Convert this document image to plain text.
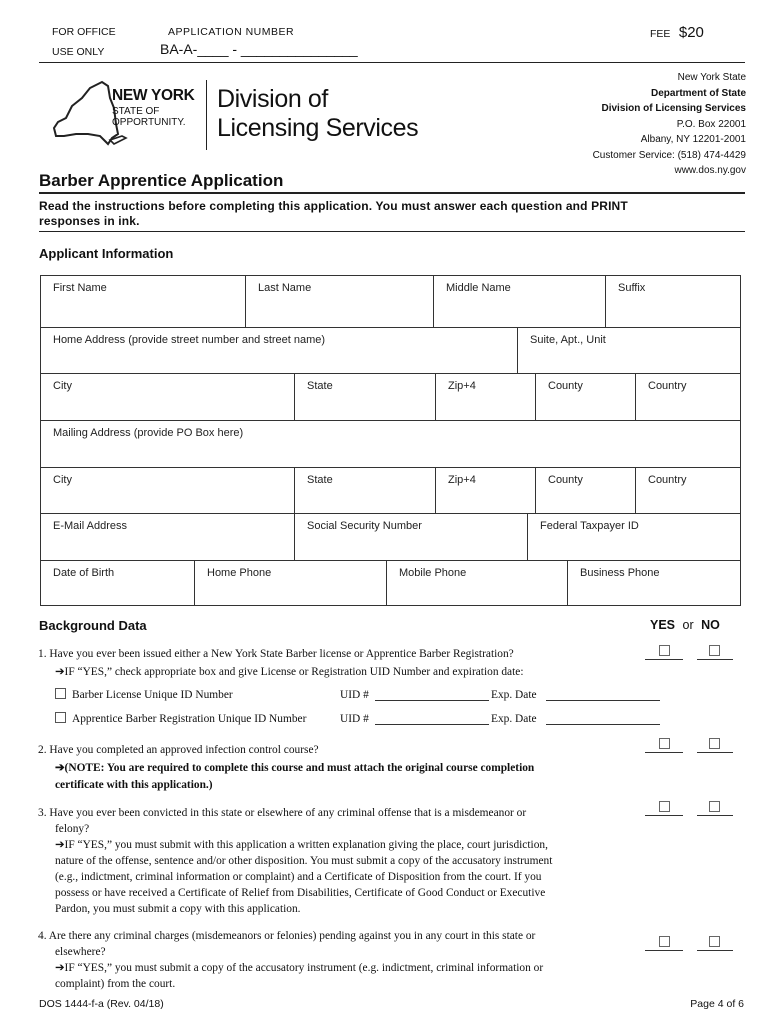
FOR OFFICE
USE ONLY
APPLICATION NUMBER
BA-A-____ - _______________
FEE $20
NEW YORK
STATE OF
OPPORTUNITY.
Division of
Licensing Services
New York State
Department of State
Division of Licensing Services
P.O. Box 22001
Albany, NY 12201-2001
Customer Service: (518) 474-4429
www.dos.ny.gov
Barber Apprentice Application
Read the instructions before completing this application. You must answer each question and PRINT
responses in ink.
Applicant Information
First Name	Last Name	Middle Name	Suffix
Home Address (provide street number and street name)	Suite, Apt., Unit
City	State	Zip+4	County	Country
Mailing Address (provide PO Box here)
City	State	Zip+4	County	Country
E-Mail Address	Social Security Number	Federal Taxpayer ID
Date of Birth	Home Phone	Mobile Phone	Business Phone
Background Data	YES or NO
1. Have you ever been issued either a New York State Barber license or Apprentice Barber Registration?
➔IF “YES,” check appropriate box and give License or Registration UID Number and expiration date:
Barber License Unique ID Number	UID #	Exp. Date
Apprentice Barber Registration Unique ID Number	UID #	Exp. Date
2. Have you completed an approved infection control course?
➔(NOTE: You are required to complete this course and must attach the original course completion
certificate with this application.)
3. Have you ever been convicted in this state or elsewhere of any criminal offense that is a misdemeanor or
felony?
➔IF “YES,” you must submit with this application a written explanation giving the place, court jurisdiction,
nature of the offense, sentence and/or other disposition. You must submit a copy of the accusatory instrument
(e.g., indictment, criminal information or complaint) and a Certificate of Disposition from the court. If you
possess or have received a Certificate of Relief from Disabilities, Certificate of Good Conduct or Executive
Pardon, you must submit a copy with this application.
4. Are there any criminal charges (misdemeanors or felonies) pending against you in any court in this state or
elsewhere?
➔IF “YES,” you must submit a copy of the accusatory instrument (e.g. indictment, criminal information or
complaint) from the court.
DOS 1444-f-a (Rev. 04/18)	Page 4 of 6
